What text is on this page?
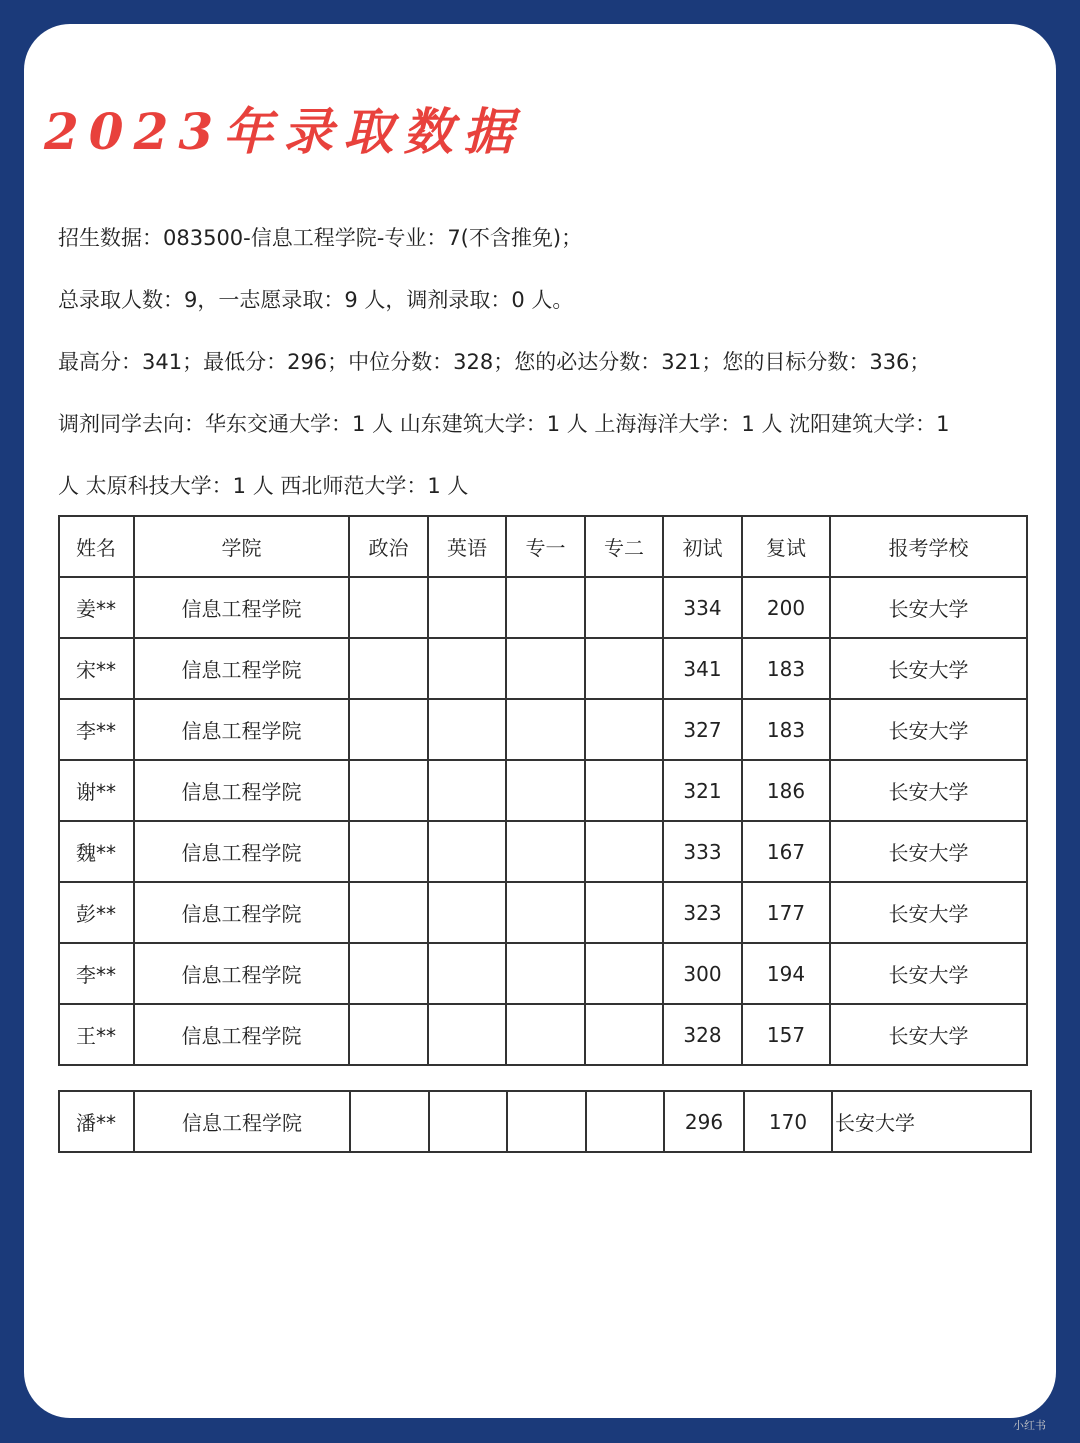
2023年录取数据
招生数据：083500-信息工程学院-专业：7(不含推免)；
总录取人数：9，一志愿录取：9 人，调剂录取：0 人。
最高分：341；最低分：296；中位分数：328；您的必达分数：321；您的目标分数：336；
调剂同学去向：华东交通大学：1 人 山东建筑大学：1 人 上海海洋大学：1 人 沈阳建筑大学：1
人 太原科技大学：1 人 西北师范大学：1 人
姓名	学院	政治	英语	专一	专二	初试	复试	报考学校
姜**	信息工程学院					334	200	长安大学
宋**	信息工程学院					341	183	长安大学
李**	信息工程学院					327	183	长安大学
谢**	信息工程学院					321	186	长安大学
魏**	信息工程学院					333	167	长安大学
彭**	信息工程学院					323	177	长安大学
李**	信息工程学院					300	194	长安大学
王**	信息工程学院					328	157	长安大学
潘**	信息工程学院					296	170	长安大学
小红书
